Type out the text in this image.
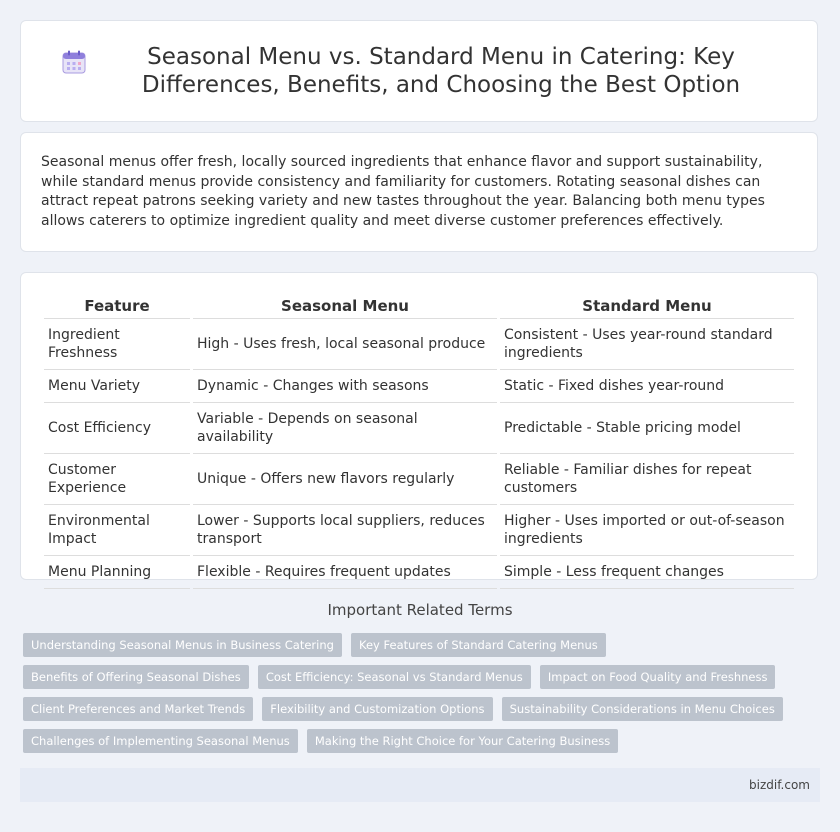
Seasonal Menu vs. Standard Menu in Catering: Key Differences, Benefits, and Choosing the Best Option

Seasonal menus offer fresh, locally sourced ingredients that enhance flavor and support sustainability, while standard menus provide consistency and familiarity for customers. Rotating seasonal dishes can attract repeat patrons seeking variety and new tastes throughout the year. Balancing both menu types allows caterers to optimize ingredient quality and meet diverse customer preferences effectively.

Feature	Seasonal Menu	Standard Menu
Ingredient Freshness	High - Uses fresh, local seasonal produce	Consistent - Uses year-round standard ingredients
Menu Variety	Dynamic - Changes with seasons	Static - Fixed dishes year-round
Cost Efficiency	Variable - Depends on seasonal availability	Predictable - Stable pricing model
Customer Experience	Unique - Offers new flavors regularly	Reliable - Familiar dishes for repeat customers
Environmental Impact	Lower - Supports local suppliers, reduces transport	Higher - Uses imported or out-of-season ingredients
Menu Planning	Flexible - Requires frequent updates	Simple - Less frequent changes
Important Related Terms
Understanding Seasonal Menus in Business Catering Key Features of Standard Catering Menus Benefits of Offering Seasonal Dishes Cost Efficiency: Seasonal vs Standard Menus Impact on Food Quality and Freshness Client Preferences and Market Trends Flexibility and Customization Options Sustainability Considerations in Menu Choices Challenges of Implementing Seasonal Menus Making the Right Choice for Your Catering Business
bizdif.com
